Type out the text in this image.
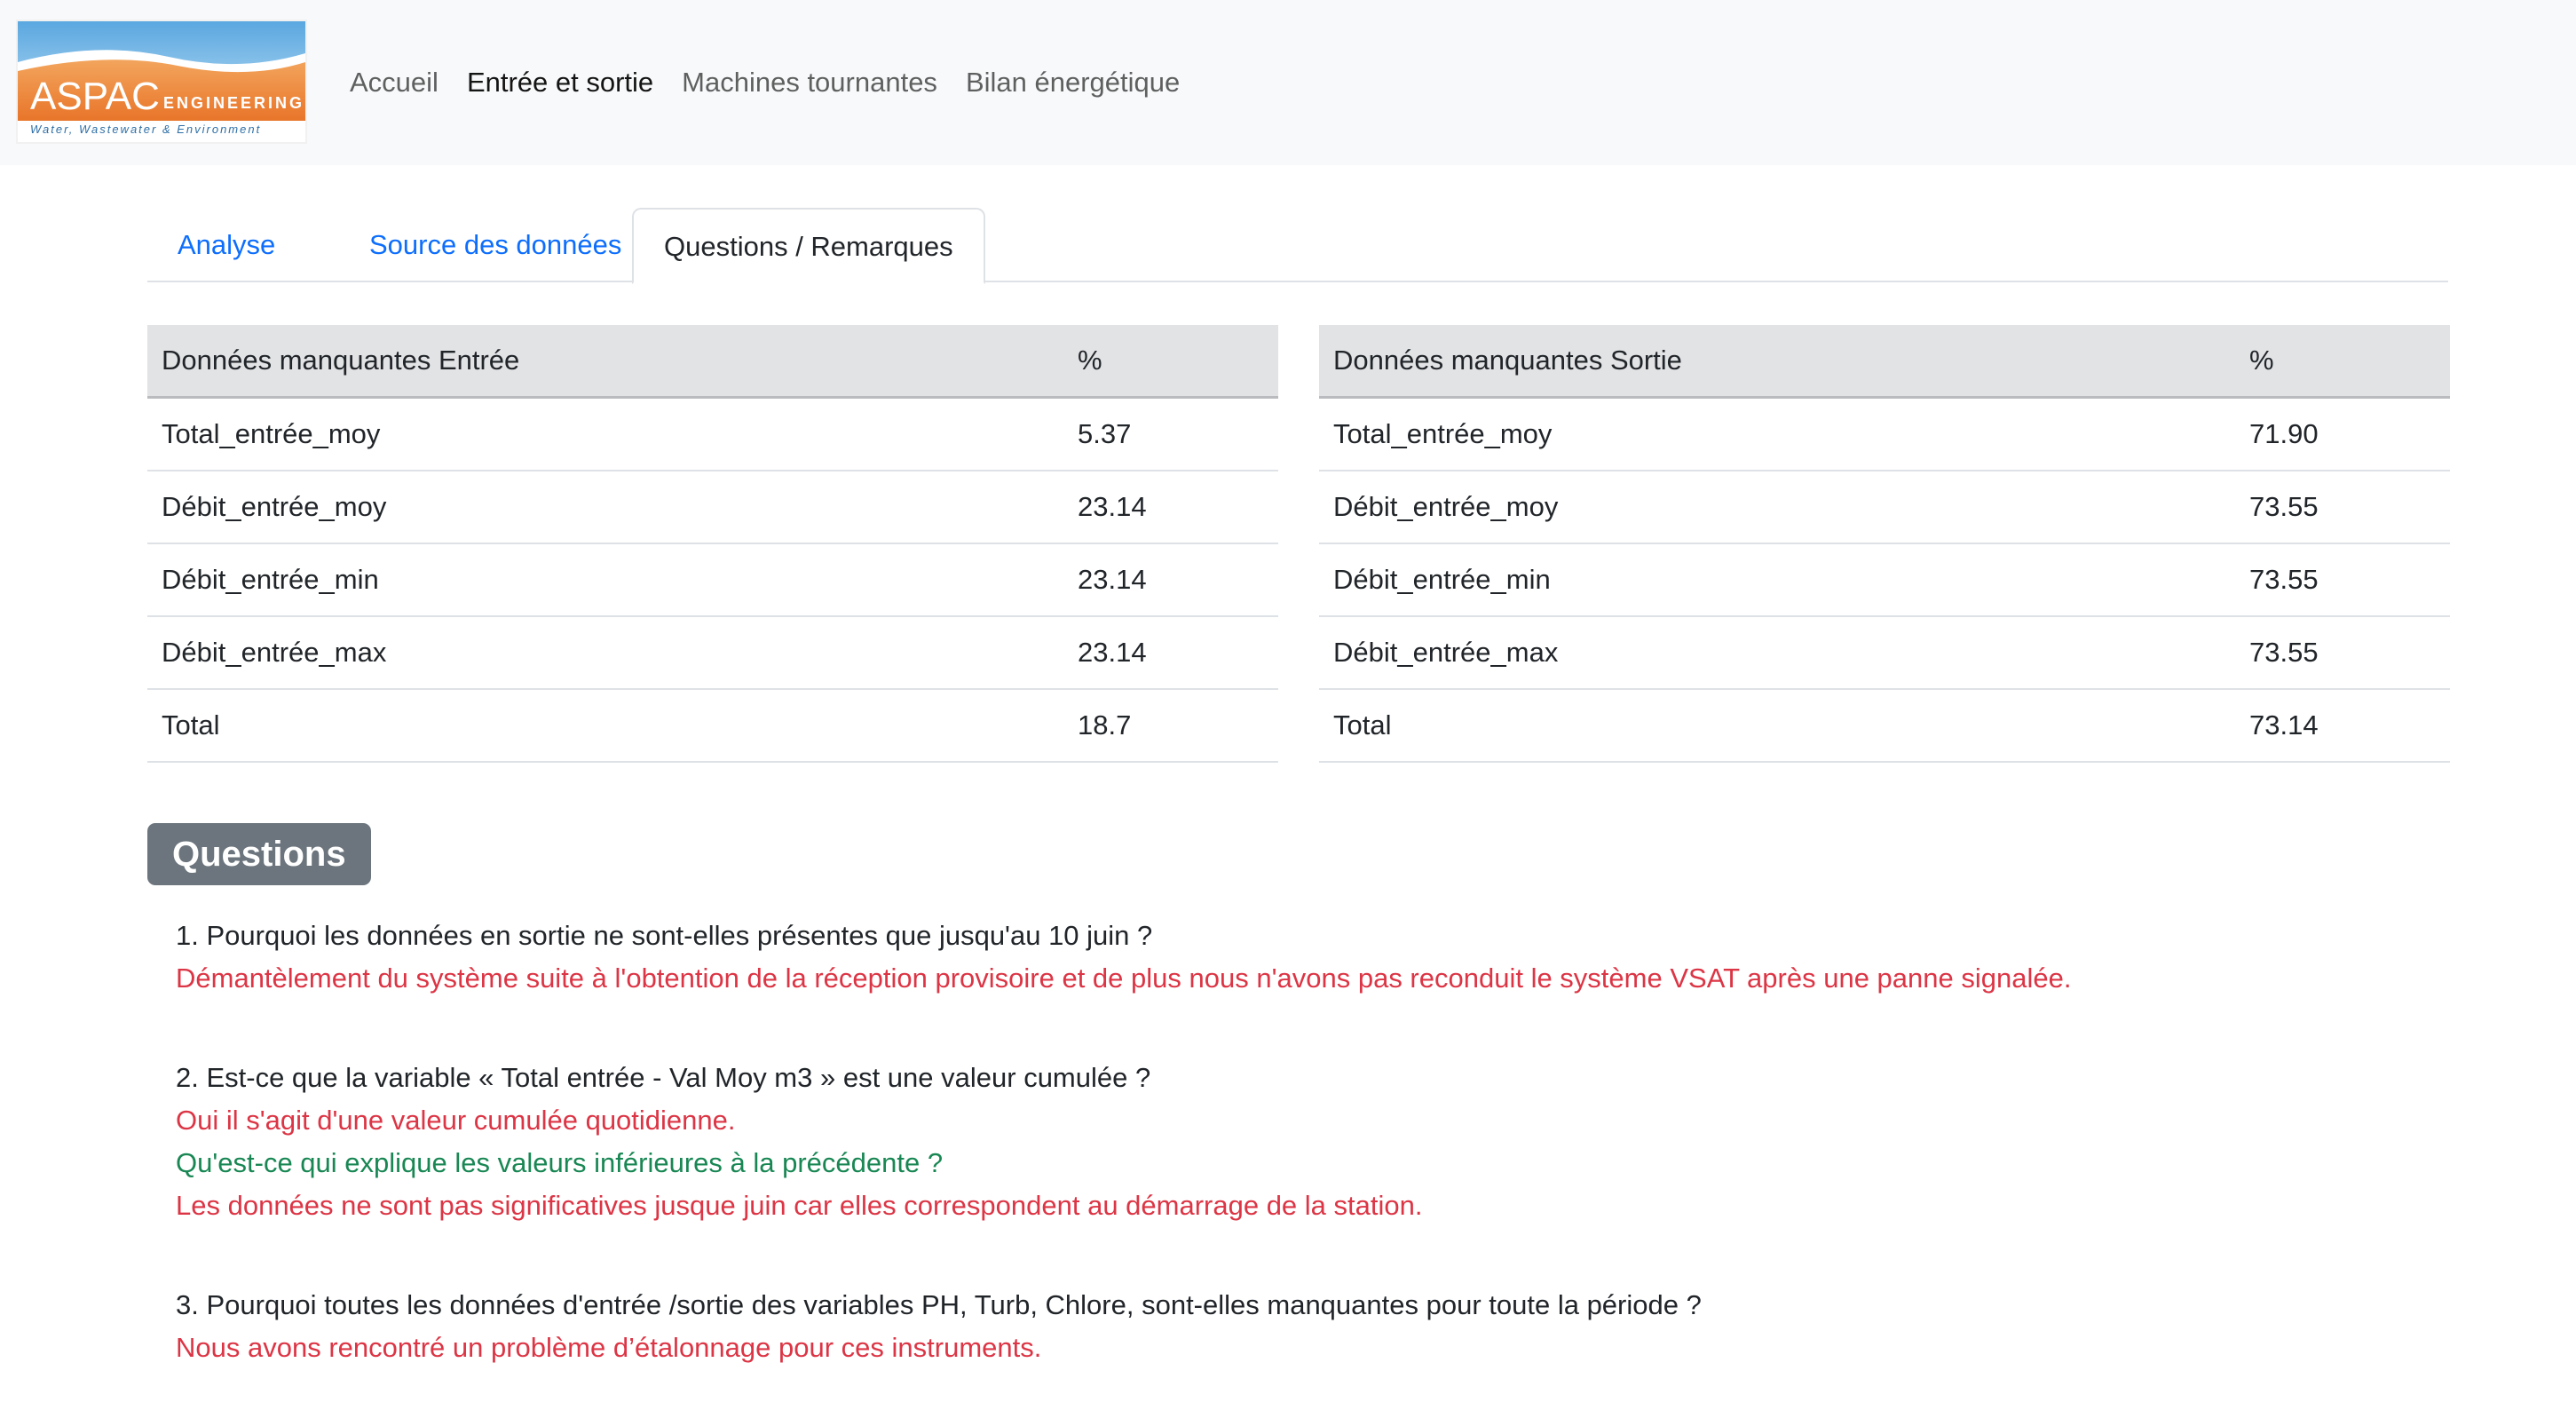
ASPAC ENGINEERING
Water, Wastewater & Environment
Accueil Entrée et sortie Machines tournantes Bilan énergétique
Analyse	Source des données	Questions / Remarques
Données manquantes Entrée	%
Total_entrée_moy	5.37
Débit_entrée_moy	23.14
Débit_entrée_min	23.14
Débit_entrée_max	23.14
Total	18.7
Données manquantes Sortie	%
Total_entrée_moy	71.90
Débit_entrée_moy	73.55
Débit_entrée_min	73.55
Débit_entrée_max	73.55
Total	73.14
Questions
1. Pourquoi les données en sortie ne sont-elles présentes que jusqu'au 10 juin ?
Démantèlement du système suite à l'obtention de la réception provisoire et de plus nous n'avons pas reconduit le système VSAT après une panne signalée.
2. Est-ce que la variable « Total entrée - Val Moy m3 » est une valeur cumulée ?
Oui il s'agit d'une valeur cumulée quotidienne.
Qu'est-ce qui explique les valeurs inférieures à la précédente ?
Les données ne sont pas significatives jusque juin car elles correspondent au démarrage de la station.
3. Pourquoi toutes les données d'entrée /sortie des variables PH, Turb, Chlore, sont-elles manquantes pour toute la période ?
Nous avons rencontré un problème d’étalonnage pour ces instruments.
